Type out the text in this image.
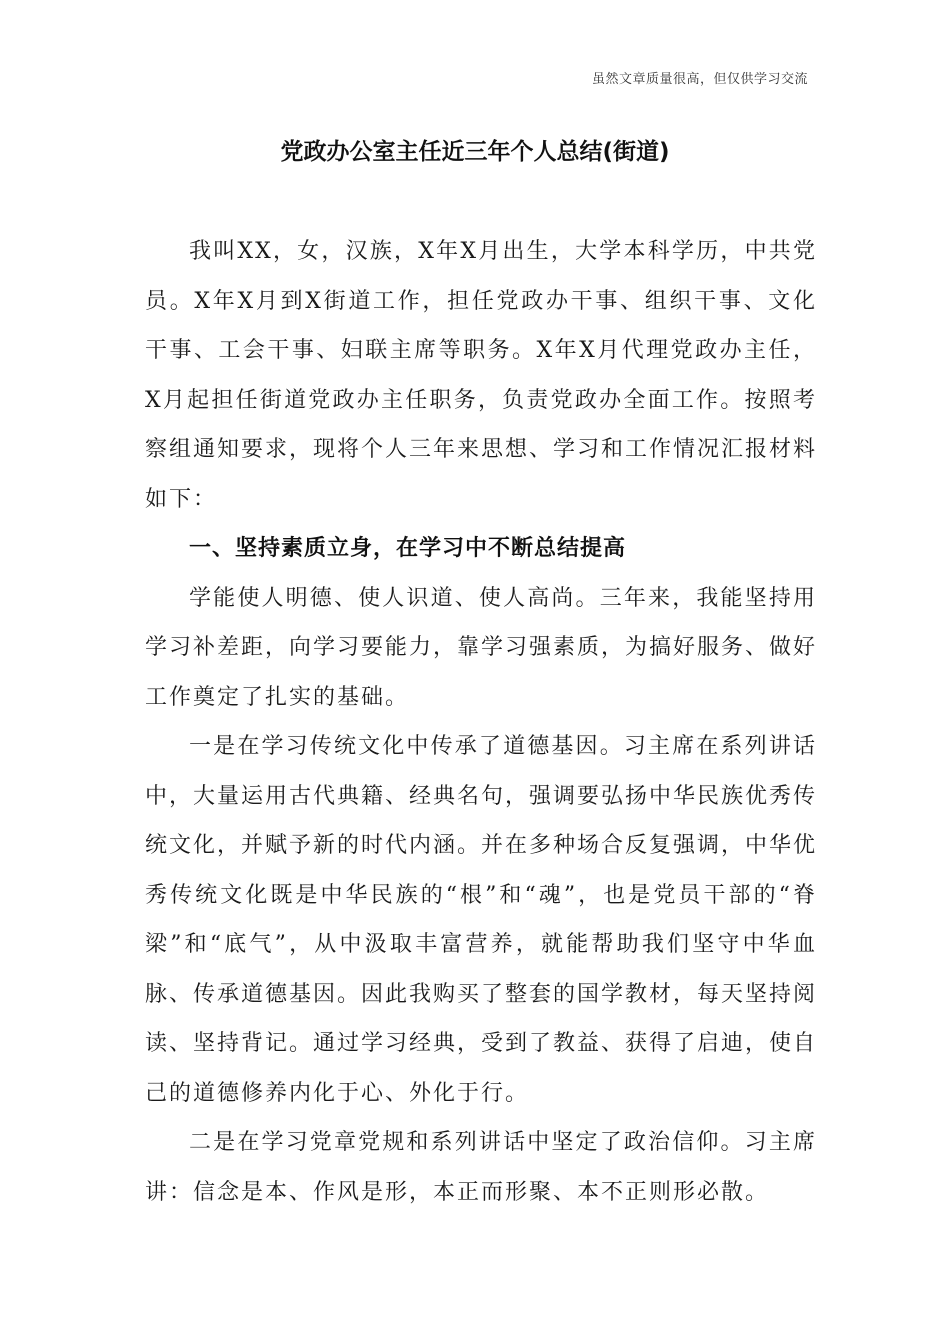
虽然文章质量很高，但仅供学习交流
党政办公室主任近三年个人总结(街道)

我叫XX，女，汉族，X年X月出生，大学本科学历，中共党员。X年X月到X街道工作，担任党政办干事、组织干事、文化干事、工会干事、妇联主席等职务。X年X月代理党政办主任，X月起担任街道党政办主任职务，负责党政办全面工作。按照考察组通知要求，现将个人三年来思想、学习和工作情况汇报材料如下：

一、坚持素质立身，在学习中不断总结提高

学能使人明德、使人识道、使人高尚。三年来，我能坚持用学习补差距，向学习要能力，靠学习强素质，为搞好服务、做好工作奠定了扎实的基础。

一是在学习传统文化中传承了道德基因。习主席在系列讲话中，大量运用古代典籍、经典名句，强调要弘扬中华民族优秀传统文化，并赋予新的时代内涵。并在多种场合反复强调，中华优秀传统文化既是中华民族的“根”和“魂”，也是党员干部的“脊梁”和“底气”，从中汲取丰富营养，就能帮助我们坚守中华血脉、传承道德基因。因此我购买了整套的国学教材，每天坚持阅读、坚持背记。通过学习经典，受到了教益、获得了启迪，使自己的道德修养内化于心、外化于行。

二是在学习党章党规和系列讲话中坚定了政治信仰。习主席讲：信念是本、作风是形，本正而形聚、本不正则形必散。
